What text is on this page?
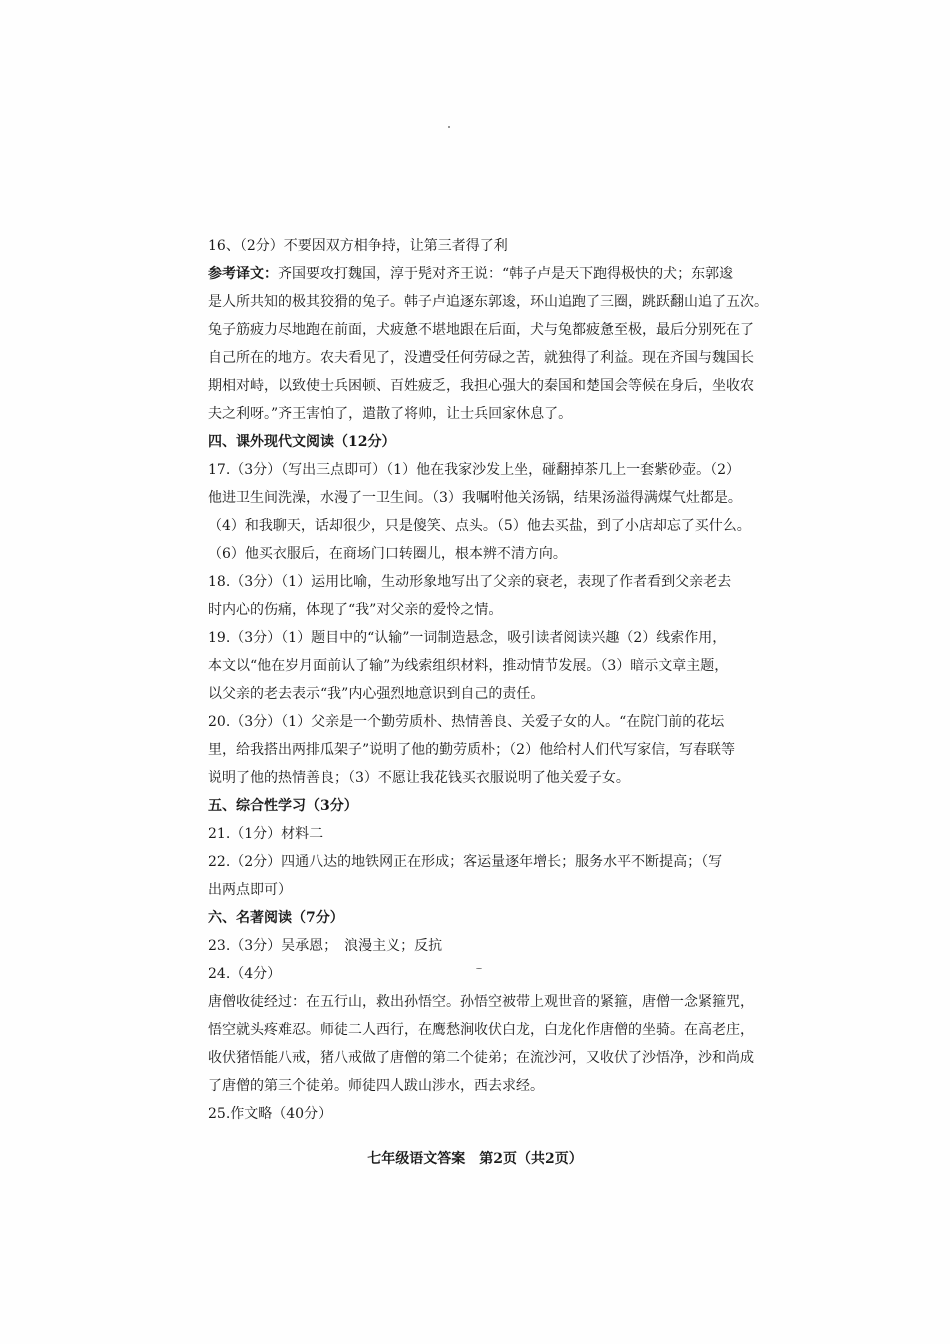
16、（2分）不要因双方相争持，让第三者得了利
参考译文：齐国要攻打魏国，淳于髡对齐王说：“韩子卢是天下跑得极快的犬；东郭逡
是人所共知的极其狡猾的兔子。韩子卢追逐东郭逡，环山追跑了三圈，跳跃翻山追了五次。
兔子筋疲力尽地跑在前面，犬疲惫不堪地跟在后面，犬与兔都疲惫至极，最后分别死在了
自己所在的地方。农夫看见了，没遭受任何劳碌之苦，就独得了利益。现在齐国与魏国长
期相对峙，以致使士兵困顿、百姓疲乏，我担心强大的秦国和楚国会等候在身后，坐收农
夫之利呀。”齐王害怕了，遣散了将帅，让士兵回家休息了。
四、课外现代文阅读（12分）
17.（3分）（写出三点即可）（1）他在我家沙发上坐，碰翻掉茶几上一套紫砂壶。（2）
他进卫生间洗澡，水漫了一卫生间。（3）我嘱咐他关汤锅，结果汤溢得满煤气灶都是。
（4）和我聊天，话却很少，只是傻笑、点头。（5）他去买盐，到了小店却忘了买什么。
（6）他买衣服后，在商场门口转圈儿，根本辨不清方向。
18.（3分）（1）运用比喻，生动形象地写出了父亲的衰老，表现了作者看到父亲老去
时内心的伤痛，体现了“我”对父亲的爱怜之情。
19.（3分）（1）题目中的“认输”一词制造悬念，吸引读者阅读兴趣（2）线索作用，
本文以“他在岁月面前认了输”为线索组织材料，推动情节发展。（3）暗示文章主题，
以父亲的老去表示“我”内心强烈地意识到自己的责任。
20.（3分）（1）父亲是一个勤劳质朴、热情善良、关爱子女的人。“在院门前的花坛
里，给我搭出两排瓜架子”说明了他的勤劳质朴；（2）他给村人们代写家信，写春联等
说明了他的热情善良；（3）不愿让我花钱买衣服说明了他关爱子女。
五、综合性学习（3分）
21.（1分）材料二
22.（2分）四通八达的地铁网正在形成；客运量逐年增长；服务水平不断提高；（写
出两点即可）
六、名著阅读（7分）
23.（3分）吴承恩；　浪漫主义；反抗
24.（4分）
唐僧收徒经过：在五行山，救出孙悟空。孙悟空被带上观世音的紧箍，唐僧一念紧箍咒，
悟空就头疼难忍。师徒二人西行，在鹰愁涧收伏白龙，白龙化作唐僧的坐骑。在高老庄，
收伏猪悟能八戒，猪八戒做了唐僧的第二个徒弟；在流沙河，又收伏了沙悟净，沙和尚成
了唐僧的第三个徒弟。师徒四人跋山涉水，西去求经。
25.作文略（40分）
七年级语文答案　第2页（共2页）
